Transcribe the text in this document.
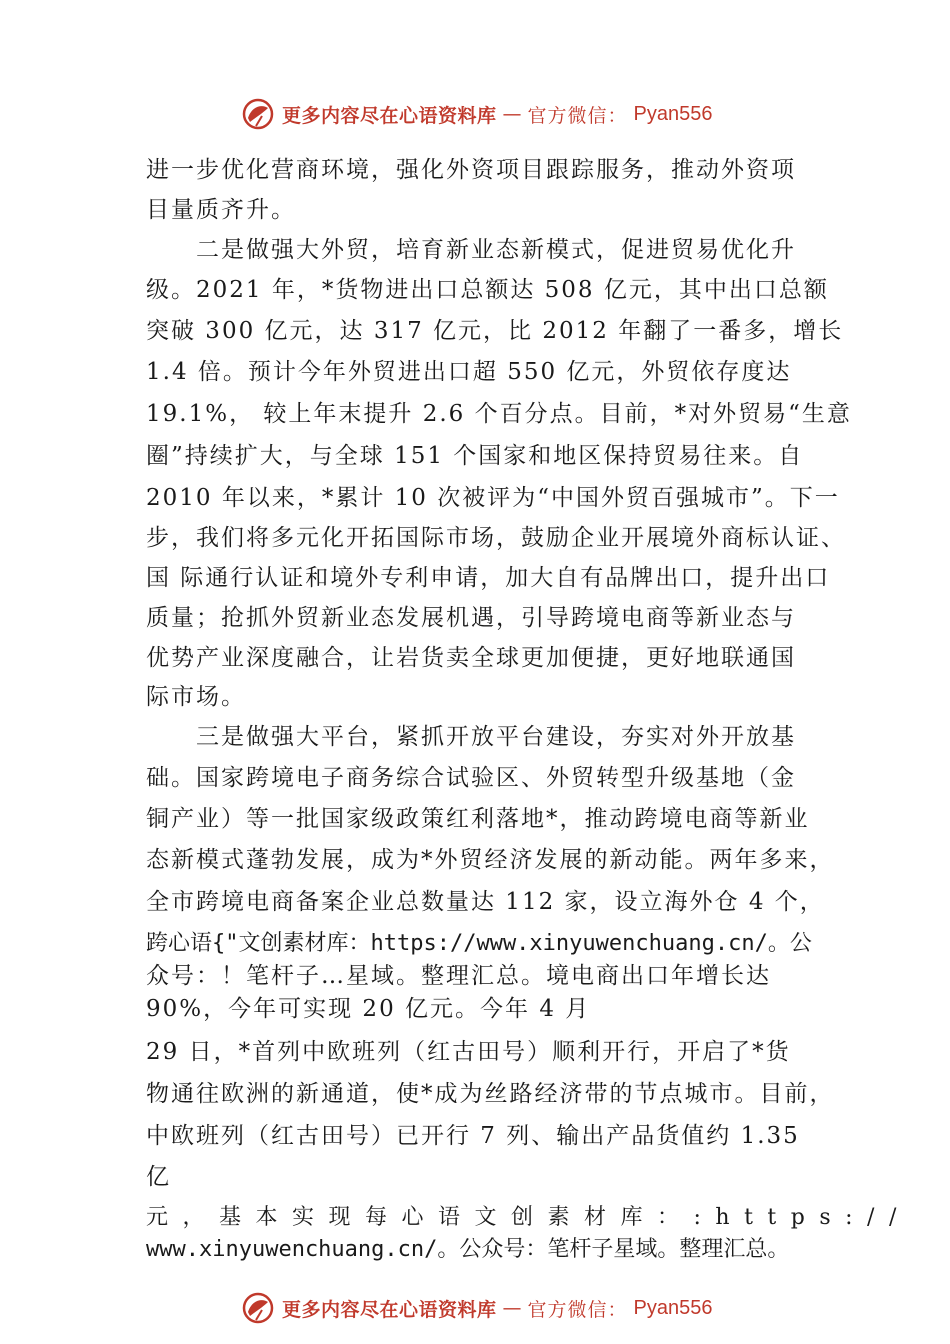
更多内容尽在心语资料库 — 官方微信： Pyan556
进一步优化营商环境，强化外资项目跟踪服务，推动外资项
目量质齐升。
二是做强大外贸，培育新业态新模式，促进贸易优化升
级。2021 年，*货物进出口总额达 508 亿元，其中出口总额
突破 300 亿元，达 317 亿元，比 2012 年翻了一番多，增长
1.4 倍。预计今年外贸进出口超 550 亿元，外贸依存度达
19.1%， 较上年末提升 2.6 个百分点。目前，*对外贸易“生意
圈”持续扩大，与全球 151 个国家和地区保持贸易往来。自
2010 年以来，*累计 10 次被评为“中国外贸百强城市”。下一
步，我们将多元化开拓国际市场，鼓励企业开展境外商标认证、
国 际通行认证和境外专利申请，加大自有品牌出口，提升出口
质量；抢抓外贸新业态发展机遇，引导跨境电商等新业态与
优势产业深度融合，让岩货卖全球更加便捷，更好地联通国
际市场。
三是做强大平台，紧抓开放平台建设，夯实对外开放基
础。国家跨境电子商务综合试验区、外贸转型升级基地（金
铜产业）等一批国家级政策红利落地*，推动跨境电商等新业
态新模式蓬勃发展，成为*外贸经济发展的新动能。两年多来，
全市跨境电商备案企业总数量达 112 家，设立海外仓 4 个，
跨心语{"文创素材库：https://www.xinyuwenchuang.cn/。公
众号：！笔杆子…星域。整理汇总。境电商出口年增长达
90%，今年可实现 20 亿元。今年 4 月
29 日，*首列中欧班列（红古田号）顺利开行，开启了*货
物通往欧洲的新通道，使*成为丝路经济带的节点城市。目前，
中欧班列（红古田号）已开行 7 列、输出产品货值约 1.35
亿
元，基本实现每心语文创素材库：:https://
www.xinyuwenchuang.cn/。公众号：笔杆子星域。整理汇总。
更多内容尽在心语资料库 — 官方微信： Pyan556
